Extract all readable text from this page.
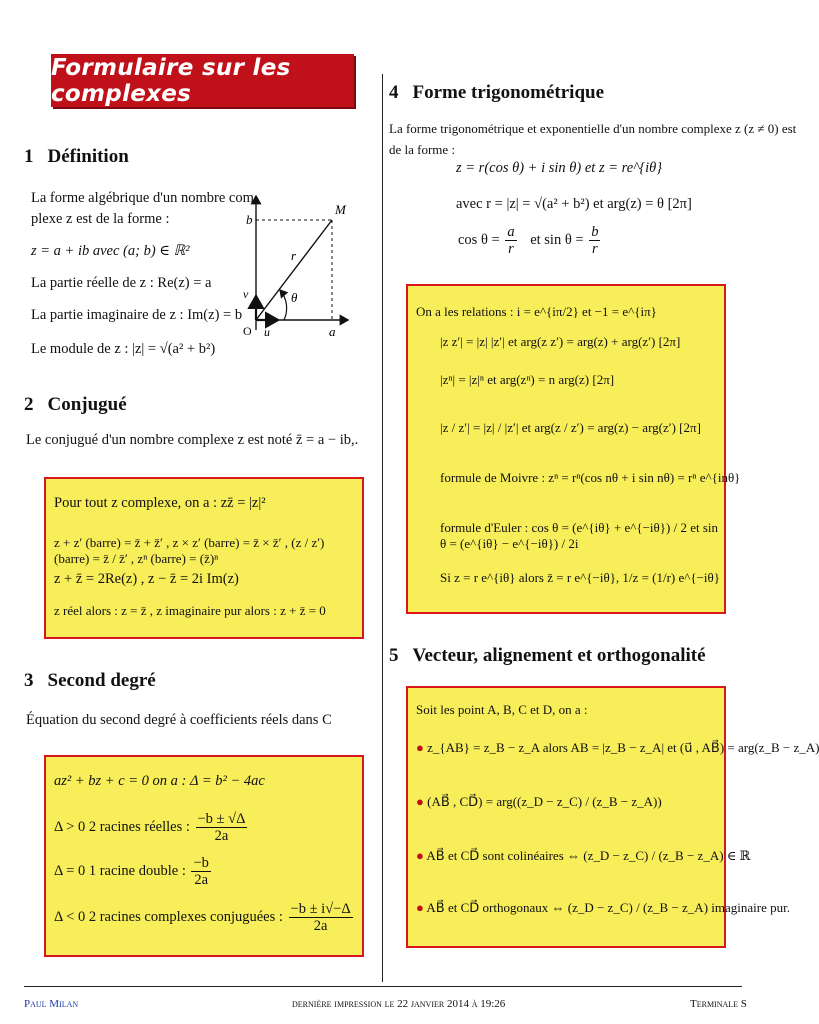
Formulaire sur les complexes
1 Définition
La forme algébrique d'un nombre com-
plexe z est de la forme :
z = a + ib avec (a; b) ∈ ℝ²
La partie réelle de z : Re(z) = a
La partie imaginaire de z : Im(z) = b
Le module de z : |z| = √(a² + b²)
M
b
a
r
θ
O u⃗
v⃗
2 Conjugué
Le conjugué d'un nombre complexe z est noté z̄ = a − ib,.
Pour tout z complexe, on a : zz̄ = |z|²
z + z′ (barre) = z̄ + z̄′ , z × z′ (barre) = z̄ × z̄′ , (z / z′) (barre) = z̄ / z̄′ , zⁿ (barre) = (z̄)ⁿ
z + z̄ = 2Re(z) , z − z̄ = 2i Im(z)
z réel alors : z = z̄ , z imaginaire pur alors : z + z̄ = 0
3 Second degré
Équation du second degré à coefficients réels dans C
az² + bz + c = 0 on a : Δ = b² − 4ac
Δ > 0 2 racines réelles : $\frac{-b \pm √\Delta}{2a}$
Δ = 0 1 racine double : $\frac{-b}{2a}$
Δ < 0 2 racines complexes conjuguées : $\frac{-b \pm i√-\Delta}{2a}$
4 Forme trigonométrique
La forme trigonométrique et exponentielle d'un nombre complexe z (z ≠ 0) est
de la forme :
z = r(cos θ) + i sin θ) et z = re^{iθ}
avec r = |z| = √(a² + b²) et arg(z) = θ [2π]
$\cos \theta = \frac{a}{r}$ et $\sin \theta = \frac{b}{r}$
On a les relations : i = e^{iπ/2} et −1 = e^{iπ}
|z z′| = |z| |z′| et arg(z z′) = arg(z) + arg(z′) [2π]
|zⁿ| = |z|ⁿ et arg(zⁿ) = n arg(z) [2π]
|z / z′| = |z| / |z′| et arg(z / z′) = arg(z) − arg(z′) [2π]
formule de Moivre : zⁿ = rⁿ(cos nθ + i sin nθ) = rⁿ e^{inθ}
formule d'Euler : cos θ = (e^{iθ} + e^{−iθ}) / 2 et sin θ = (e^{iθ} − e^{−iθ}) / 2i
Si z = r e^{iθ} alors z̄ = r e^{−iθ}, 1/z = (1/r) e^{−iθ}
5 Vecteur, alignement et orthogonalité
Soit les point A, B, C et D, on a :
● z_{AB} = z_B − z_A alors AB = |z_B − z_A| et (u⃗ , AB⃗) = arg(z_B − z_A)
● (AB⃗ , CD⃗) = arg((z_D − z_C) / (z_B − z_A))
● AB⃗ et CD⃗ sont colinéaires ⇔ (z_D − z_C) / (z_B − z_A) ∈ ℝ
● AB⃗ et CD⃗ orthogonaux ⇔ (z_D − z_C) / (z_B − z_A) imaginaire pur.
Paul Milan	dernière impression le 22 janvier 2014 à 19:26	Terminale S
